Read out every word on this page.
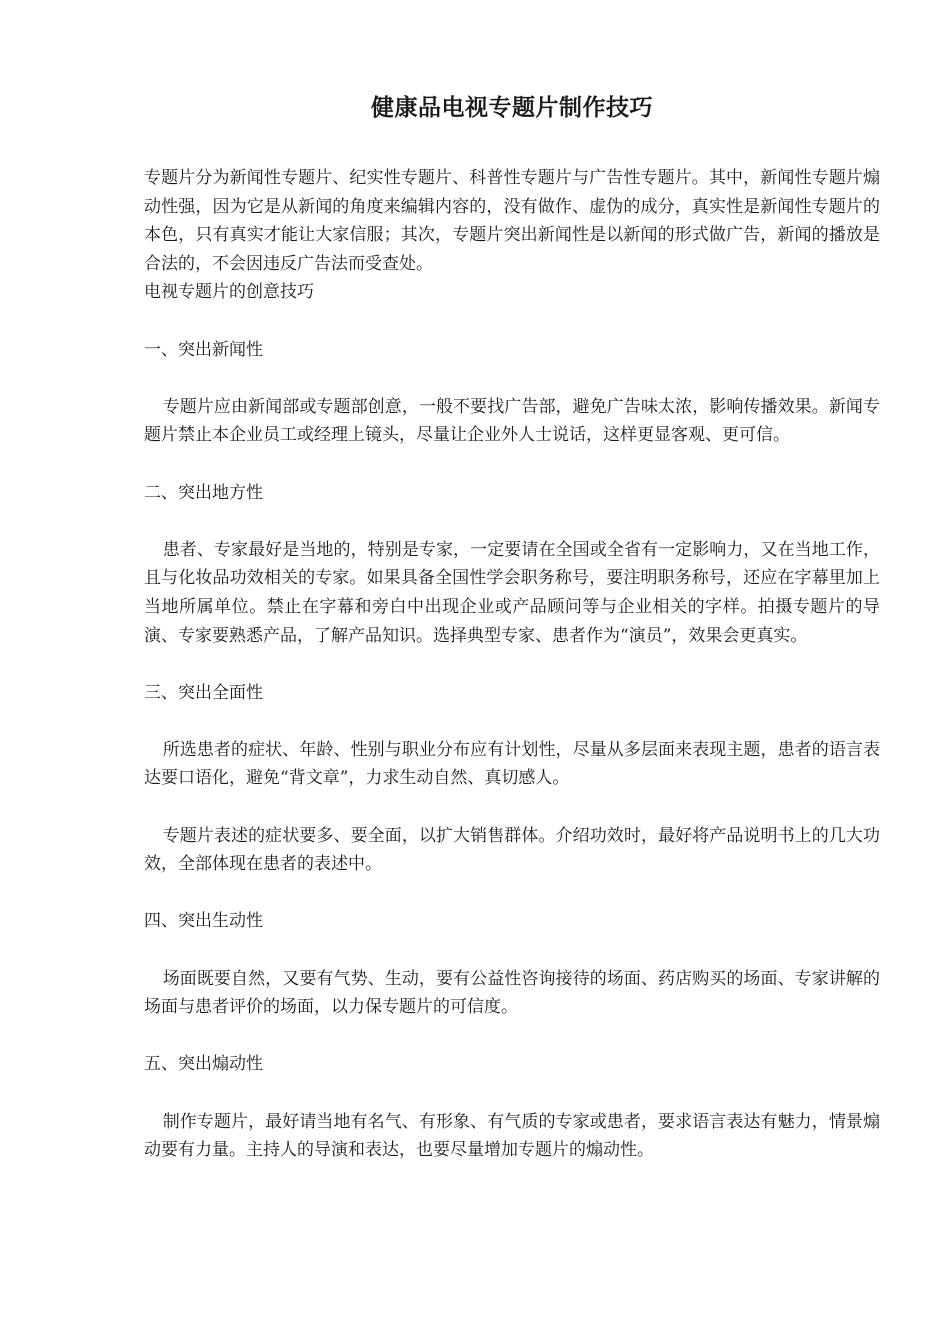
健康品电视专题片制作技巧

专题片分为新闻性专题片、纪实性专题片、科普性专题片与广告性专题片。其中，新闻性专题片煽动性强，因为它是从新闻的角度来编辑内容的，没有做作、虚伪的成分，真实性是新闻性专题片的本色，只有真实才能让大家信服；其次，专题片突出新闻性是以新闻的形式做广告，新闻的播放是合法的，不会因违反广告法而受查处。

电视专题片的创意技巧

一、突出新闻性

专题片应由新闻部或专题部创意，一般不要找广告部，避免广告味太浓，影响传播效果。新闻专题片禁止本企业员工或经理上镜头，尽量让企业外人士说话，这样更显客观、更可信。

二、突出地方性

患者、专家最好是当地的，特别是专家，一定要请在全国或全省有一定影响力，又在当地工作，且与化妆品功效相关的专家。如果具备全国性学会职务称号，要注明职务称号，还应在字幕里加上当地所属单位。禁止在字幕和旁白中出现企业或产品顾问等与企业相关的字样。拍摄专题片的导演、专家要熟悉产品，了解产品知识。选择典型专家、患者作为“演员”，效果会更真实。

三、突出全面性

所选患者的症状、年龄、性别与职业分布应有计划性，尽量从多层面来表现主题，患者的语言表达要口语化，避免“背文章”，力求生动自然、真切感人。

专题片表述的症状要多、要全面，以扩大销售群体。介绍功效时，最好将产品说明书上的几大功效，全部体现在患者的表述中。

四、突出生动性

场面既要自然，又要有气势、生动，要有公益性咨询接待的场面、药店购买的场面、专家讲解的场面与患者评价的场面，以力保专题片的可信度。

五、突出煽动性

制作专题片，最好请当地有名气、有形象、有气质的专家或患者，要求语言表达有魅力，情景煽动要有力量。主持人的导演和表达，也要尽量增加专题片的煽动性。
